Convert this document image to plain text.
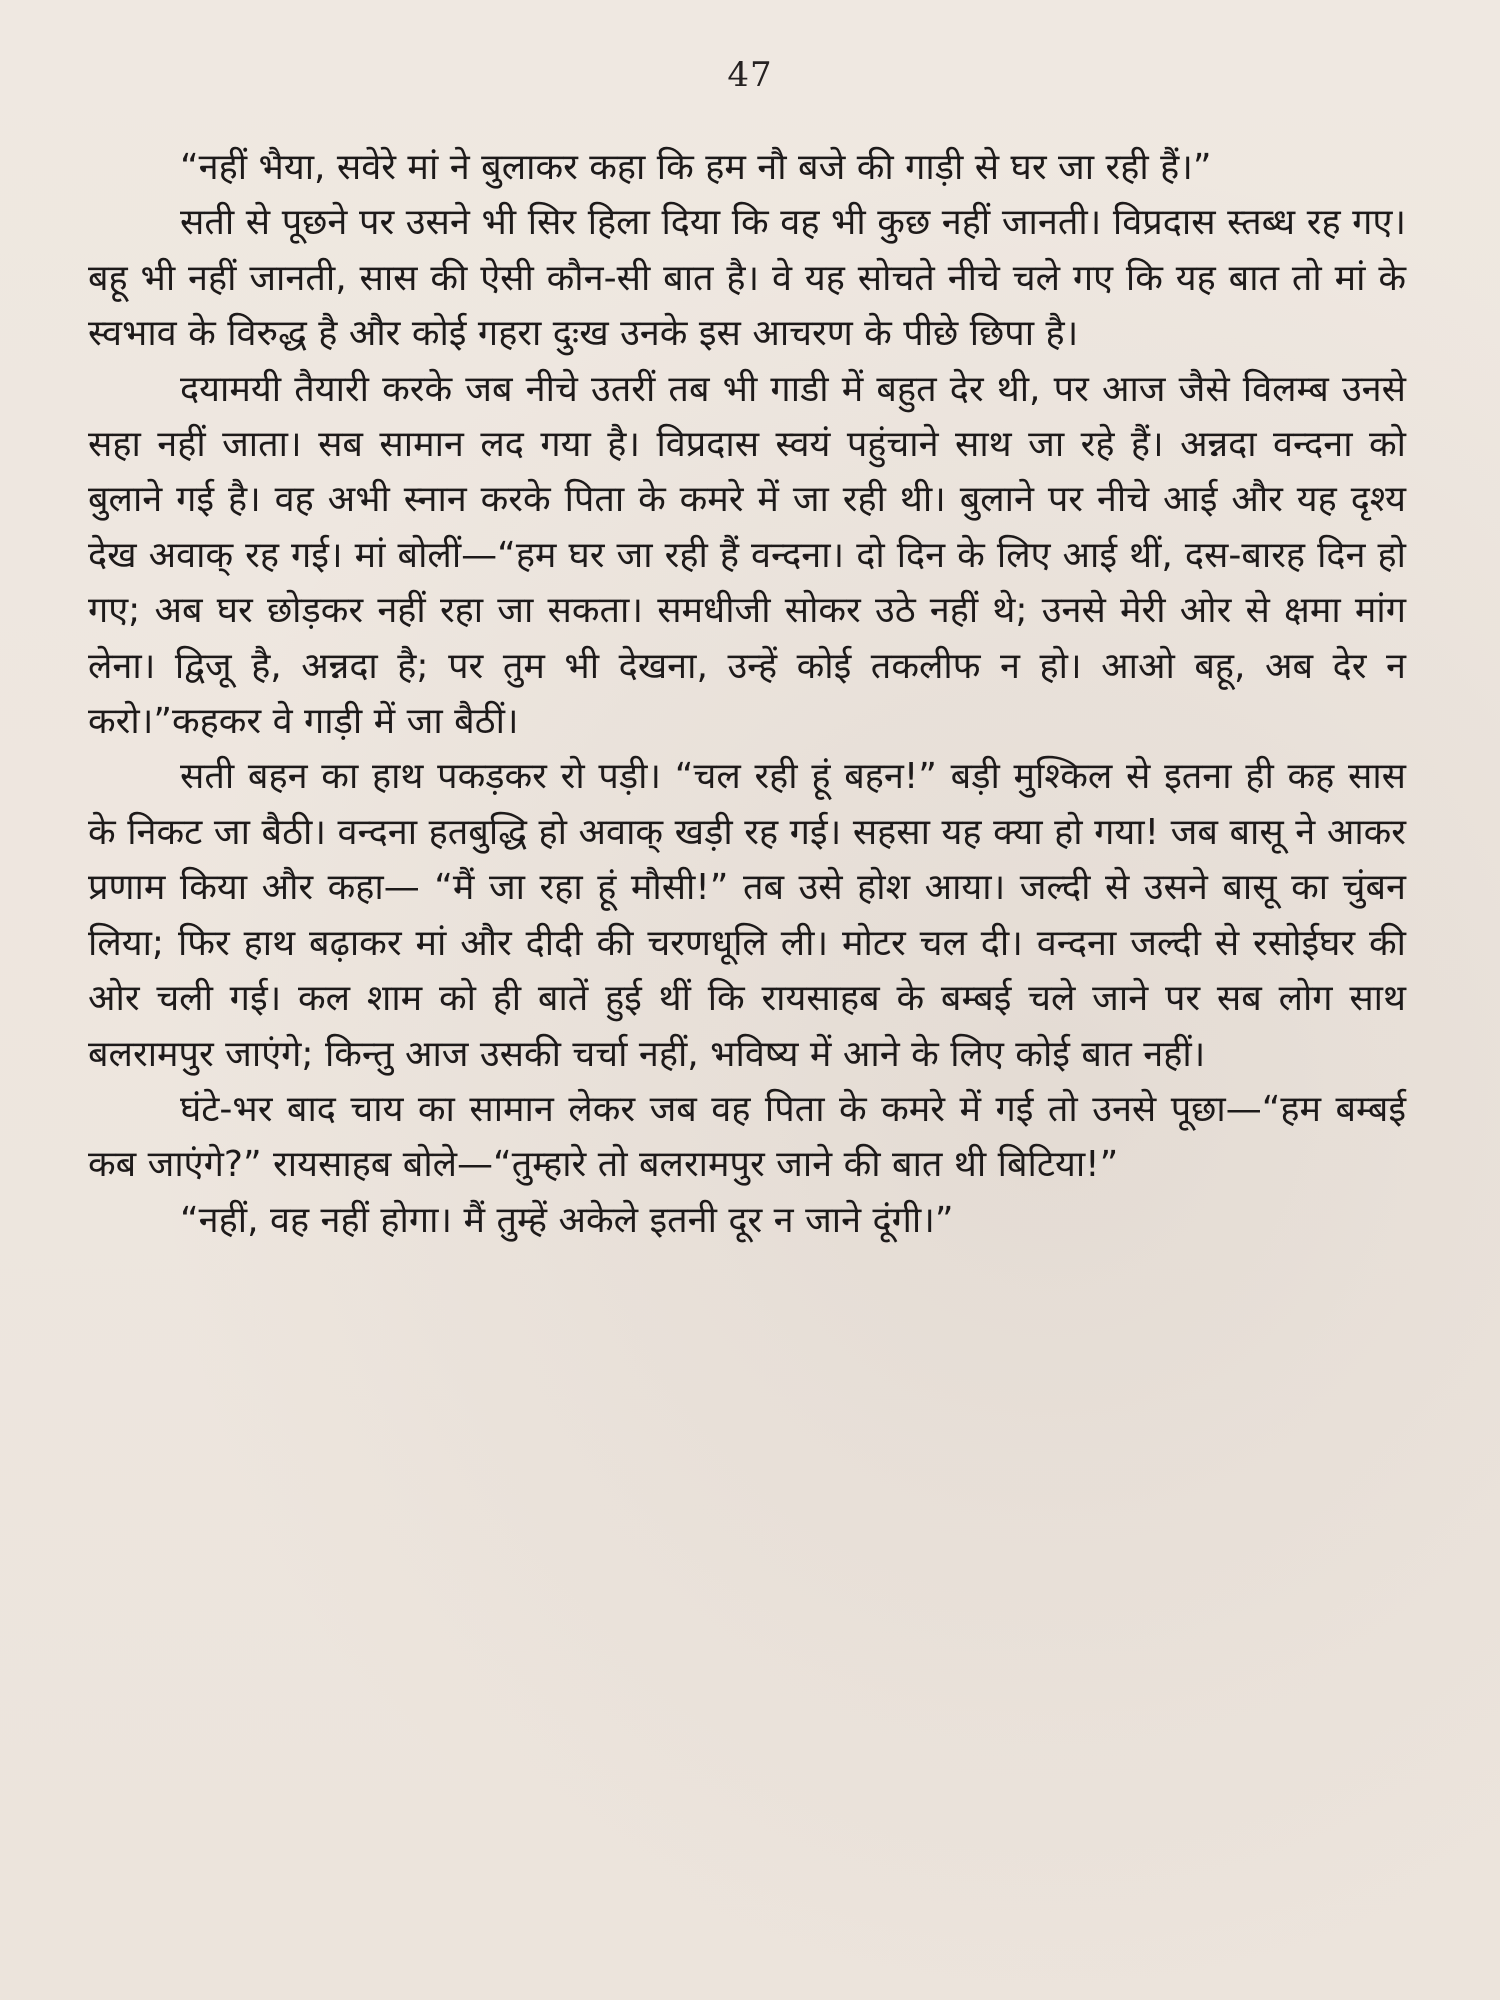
47

“नहीं भैया, सवेरे मां ने बुलाकर कहा कि हम नौ बजे की गाड़ी से घर जा रही हैं।”

सती से पूछने पर उसने भी सिर हिला दिया कि वह भी कुछ नहीं जानती। विप्रदास स्तब्ध रह गए। बहू भी नहीं जानती, सास की ऐसी कौन-सी बात है। वे यह सोचते नीचे चले गए कि यह बात तो मां के स्वभाव के विरुद्ध है और कोई गहरा दुःख उनके इस आचरण के पीछे छिपा है।

दयामयी तैयारी करके जब नीचे उतरीं तब भी गाडी में बहुत देर थी, पर आज जैसे विलम्ब उनसे सहा नहीं जाता। सब सामान लद गया है। विप्रदास स्वयं पहुंचाने साथ जा रहे हैं। अन्नदा वन्दना को बुलाने गई है। वह अभी स्नान करके पिता के कमरे में जा रही थी। बुलाने पर नीचे आई और यह दृश्य देख अवाक् रह गई। मां बोलीं—“हम घर जा रही हैं वन्दना। दो दिन के लिए आई थीं, दस-बारह दिन हो गए; अब घर छोड़कर नहीं रहा जा सकता। समधीजी सोकर उठे नहीं थे; उनसे मेरी ओर से क्षमा मांग लेना। द्विजू है, अन्नदा है; पर तुम भी देखना, उन्हें कोई तकलीफ न हो। आओ बहू, अब देर न करो।”कहकर वे गाड़ी में जा बैठीं।

सती बहन का हाथ पकड़कर रो पड़ी। “चल रही हूं बहन!” बड़ी मुश्किल से इतना ही कह सास के निकट जा बैठी। वन्दना हतबुद्धि हो अवाक् खड़ी रह गई। सहसा यह क्या हो गया! जब बासू ने आकर प्रणाम किया और कहा— “मैं जा रहा हूं मौसी!” तब उसे होश आया। जल्दी से उसने बासू का चुंबन लिया; फिर हाथ बढ़ाकर मां और दीदी की चरणधूलि ली। मोटर चल दी। वन्दना जल्दी से रसोईघर की ओर चली गई। कल शाम को ही बातें हुई थीं कि रायसाहब के बम्बई चले जाने पर सब लोग साथ बलरामपुर जाएंगे; किन्तु आज उसकी चर्चा नहीं, भविष्य में आने के लिए कोई बात नहीं।

घंटे-भर बाद चाय का सामान लेकर जब वह पिता के कमरे में गई तो उनसे पूछा—“हम बम्बई कब जाएंगे?” रायसाहब बोले—“तुम्हारे तो बलरामपुर जाने की बात थी बिटिया!”

“नहीं, वह नहीं होगा। मैं तुम्हें अकेले इतनी दूर न जाने दूंगी।”
